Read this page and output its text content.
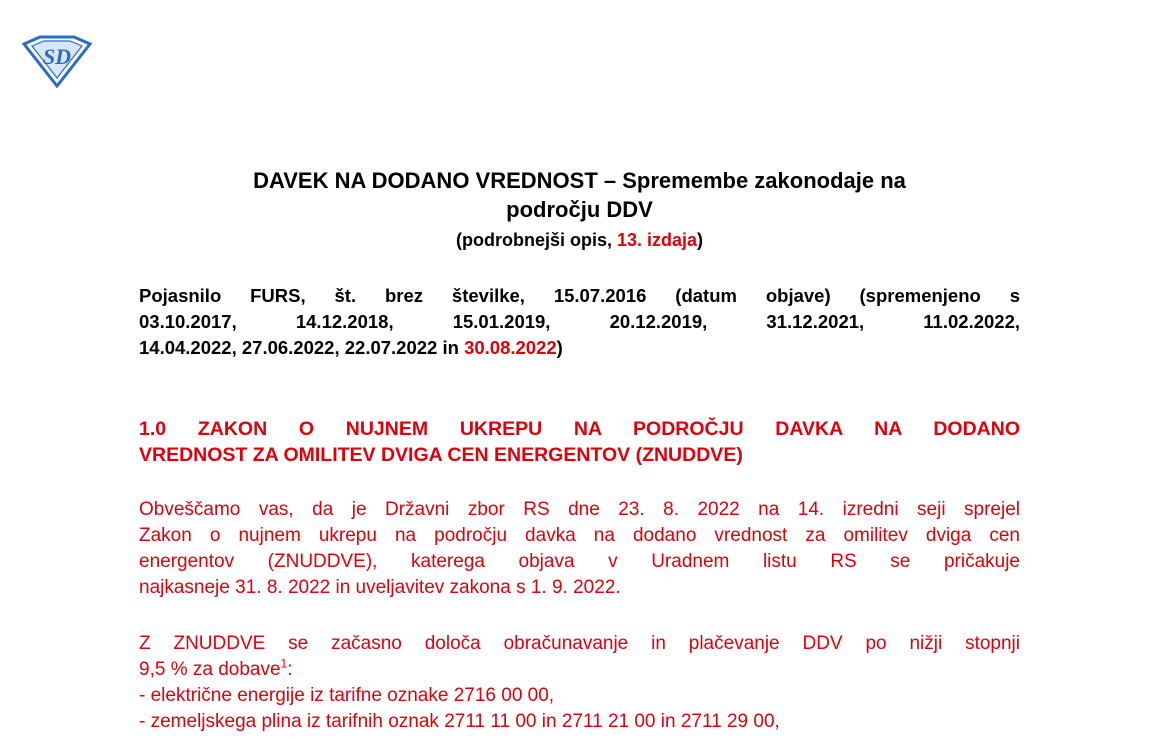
SD
DAVEK NA DODANO VREDNOST – Spremembe zakonodaje na
področju DDV
(podrobnejši opis, 13. izdaja)
Pojasnilo FURS, št. brez številke, 15.07.2016 (datum objave) (spremenjeno s
03.10.2017, 14.12.2018, 15.01.2019, 20.12.2019, 31.12.2021, 11.02.2022,
14.04.2022, 27.06.2022, 22.07.2022 in 30.08.2022)
1.0 ZAKON O NUJNEM UKREPU NA PODROČJU DAVKA NA DODANO
VREDNOST ZA OMILITEV DVIGA CEN ENERGENTOV (ZNUDDVE)
Obveščamo vas, da je Državni zbor RS dne 23. 8. 2022 na 14. izredni seji sprejel
Zakon o nujnem ukrepu na področju davka na dodano vrednost za omilitev dviga cen
energentov (ZNUDDVE), katerega objava v Uradnem listu RS se pričakuje
najkasneje 31. 8. 2022 in uveljavitev zakona s 1. 9. 2022.
Z ZNUDDVE se začasno določa obračunavanje in plačevanje DDV po nižji stopnji
9,5 % za dobave$^1$:
- električne energije iz tarifne oznake 2716 00 00,
- zemeljskega plina iz tarifnih oznak 2711 11 00 in 2711 21 00 in 2711 29 00,
